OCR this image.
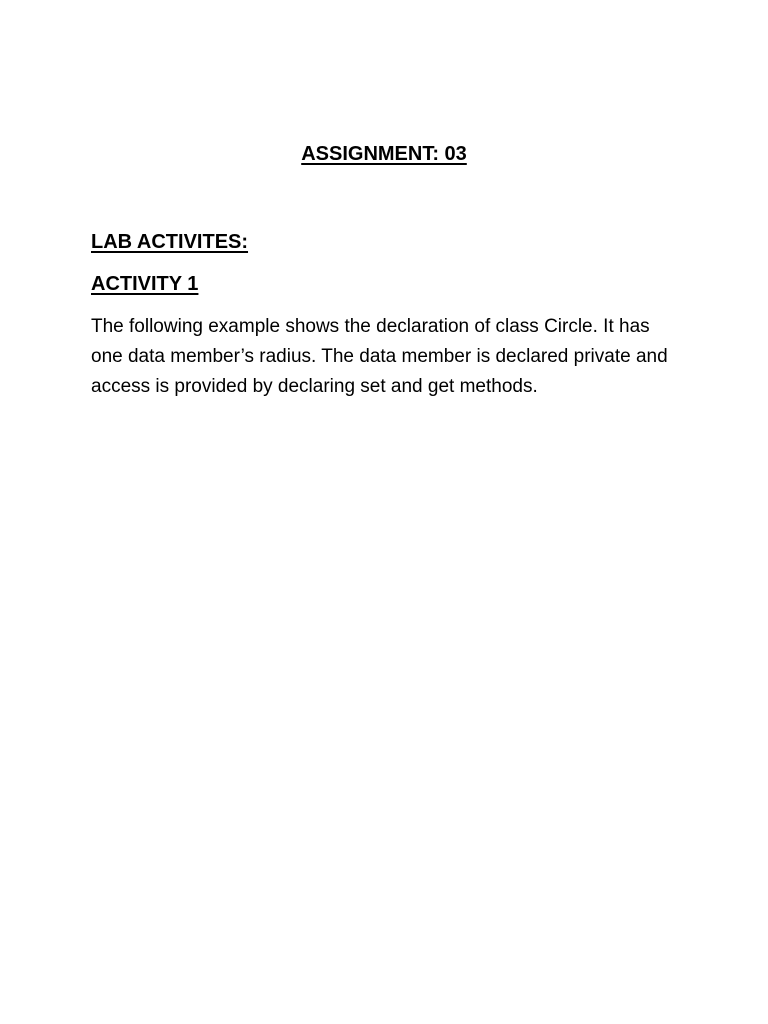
ASSIGNMENT: 03
LAB ACTIVITES:
ACTIVITY 1

The following example shows the declaration of class Circle. It has one data member’s radius. The data member is declared private and access is provided by declaring set and get methods.
